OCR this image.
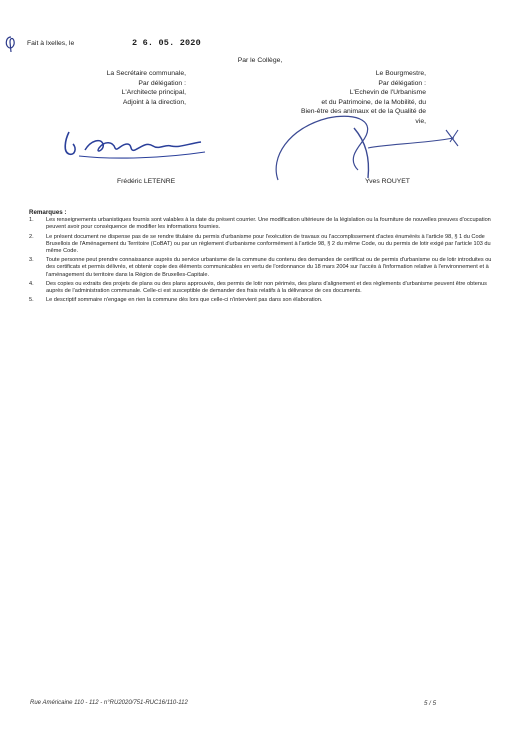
Fait à Ixelles, le	2 6. 05. 2020
Par le Collège,
La Secrétaire communale,
Par délégation :
L'Architecte principal,
Adjoint à la direction,
Le Bourgmestre,
Par délégation :
L'Echevin de l'Urbanisme
et du Patrimoine, de la Mobilité, du
Bien-être des animaux et de la Qualité de vie,
Frédéric LETENRE	Yves ROUYET
Remarques :
1.	Les renseignements urbanistiques fournis sont valables à la date du présent courrier. Une modification ultérieure de la législation ou la fourniture de nouvelles preuves d'occupation peuvent avoir pour conséquence de modifier les informations fournies.
2.	Le présent document ne dispense pas de se rendre titulaire du permis d'urbanisme pour l'exécution de travaux ou l'accomplissement d'actes énumérés à l'article 98, § 1 du Code Bruxellois de l'Aménagement du Territoire (CoBAT) ou par un règlement d'urbanisme conformément à l'article 98, § 2 du même Code, ou du permis de lotir exigé par l'article 103 du même Code.
3.	Toute personne peut prendre connaissance auprès du service urbanisme de la commune du contenu des demandes de certificat ou de permis d'urbanisme ou de lotir introduites ou des certificats et permis délivrés, et obtenir copie des éléments communicables en vertu de l'ordonnance du 18 mars 2004 sur l'accès à l'information relative à l'environnement et à l'aménagement du territoire dans la Région de Bruxelles-Capitale.
4.	Des copies ou extraits des projets de plans ou des plans approuvés, des permis de lotir non périmés, des plans d'alignement et des règlements d'urbanisme peuvent être obtenus auprès de l'administration communale. Celle-ci est susceptible de demander des frais relatifs à la délivrance de ces documents.
5.	Le descriptif sommaire n'engage en rien la commune dès lors que celle-ci n'intervient pas dans son élaboration.
Rue Américaine 110 - 112 - n°RU2020/751-RUC16/110-112	5 / 5
